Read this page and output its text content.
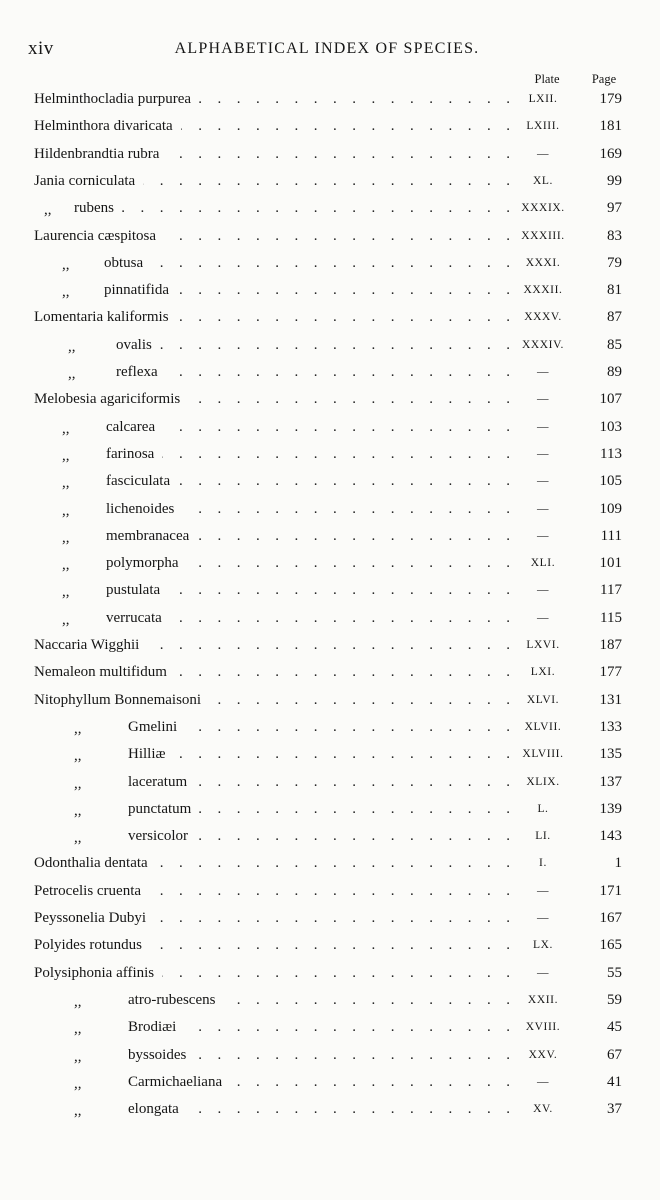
xiv	ALPHABETICAL INDEX OF SPECIES.
Plate	Page
Helminthocladia purpurea . .	LXII.	179
Helminthora divaricata . .	LXIII.	181
Hildenbrandtia rubra . .	—	169
Jania corniculata . .	XL.	99
,, rubens . .	XXXIX.	97
Laurencia cæspitosa . .	XXXIII.	83
,, obtusa . .	XXXI.	79
,, pinnatifida . .	XXXII.	81
Lomentaria kaliformis . .	XXXV.	87
,,	ovalis . .	XXXIV.	85
,,	reflexa . .	—	89
Melobesia agariciformis . .	—	107
,, calcarea . .	—	103
,, farinosa . .	—	113
,, fasciculata . .	—	105
,, lichenoides . .	—	109
,, membranacea . .	—	111
,, polymorpha . .	XLI.	101
,, pustulata . .	—	117
,, verrucata . .	—	115
Naccaria Wigghii . .	LXVI.	187
Nemaleon multifidum . .	LXI.	177
Nitophyllum Bonnemaisoni . .	XLVI.	131
,,	Gmelini . .	XLVII.	133
,,	Hilliæ . .	XLVIII.	135
,,	laceratum . .	XLIX.	137
,,	punctatum . .	L.	139
,,	versicolor . .	LI.	143
Odonthalia dentata . .	I.	1
Petrocelis cruenta . .	—	171
Peyssonelia Dubyi . .	—	167
Polyides rotundus . .	LX.	165
Polysiphonia affinis . .	—	55
,,	atro-rubescens . .	XXII.	59
,,	Brodiæi . .	XVIII.	45
,,	byssoides . .	XXV.	67
,,	Carmichaeliana . .	—	41
,,	elongata . .	XV.	37
